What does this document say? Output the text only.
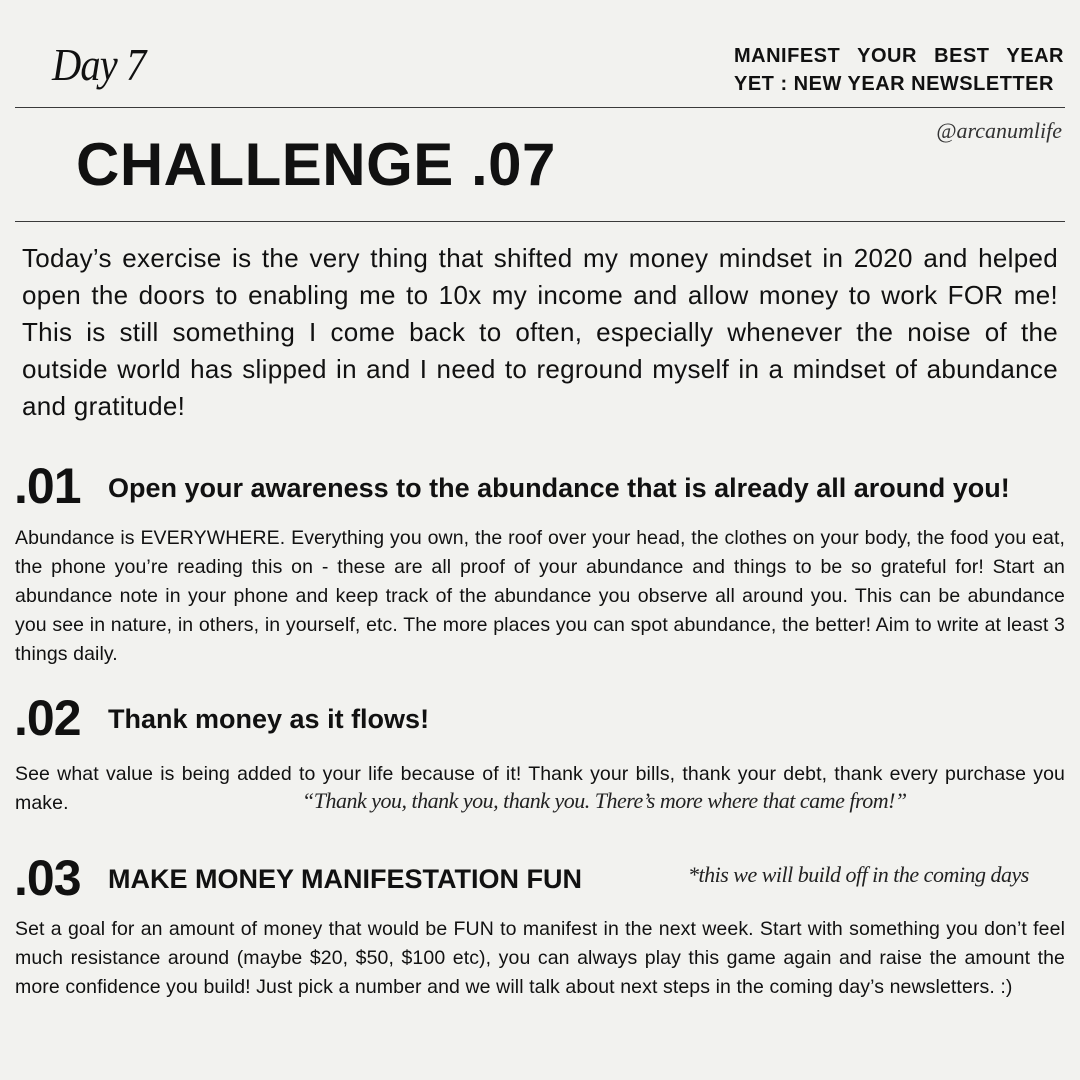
Day 7	MANIFEST YOUR BEST YEAR
YET : NEW YEAR NEWSLETTER
@arcanumlife
CHALLENGE .07

Today’s exercise is the very thing that shifted my money mindset in 2020 and helped open the doors to enabling me to 10x my income and allow money to work FOR me! This is still something I come back to often, especially whenever the noise of the outside world has slipped in and I need to reground myself in a mindset of abundance and gratitude!

.01 Open your awareness to the abundance that is already all around you!

Abundance is EVERYWHERE. Everything you own, the roof over your head, the clothes on your body, the food you eat, the phone you’re reading this on - these are all proof of your abundance and things to be so grateful for! Start an abundance note in your phone and keep track of the abundance you observe all around you. This can be abundance you see in nature, in others, in yourself, etc. The more places you can spot abundance, the better! Aim to write at least 3 things daily.

.02 Thank money as it flows!

See what value is being added to your life because of it! Thank your bills, thank your debt, thank every purchase you make.	“Thank you, thank you, thank you. There’s more where that came from!”
.03 MAKE MONEY MANIFESTATION FUN	*this we will build off in the coming days

Set a goal for an amount of money that would be FUN to manifest in the next week. Start with something you don’t feel much resistance around (maybe $20, $50, $100 etc), you can always play this game again and raise the amount the more confidence you build! Just pick a number and we will talk about next steps in the coming day’s newsletters. :)
